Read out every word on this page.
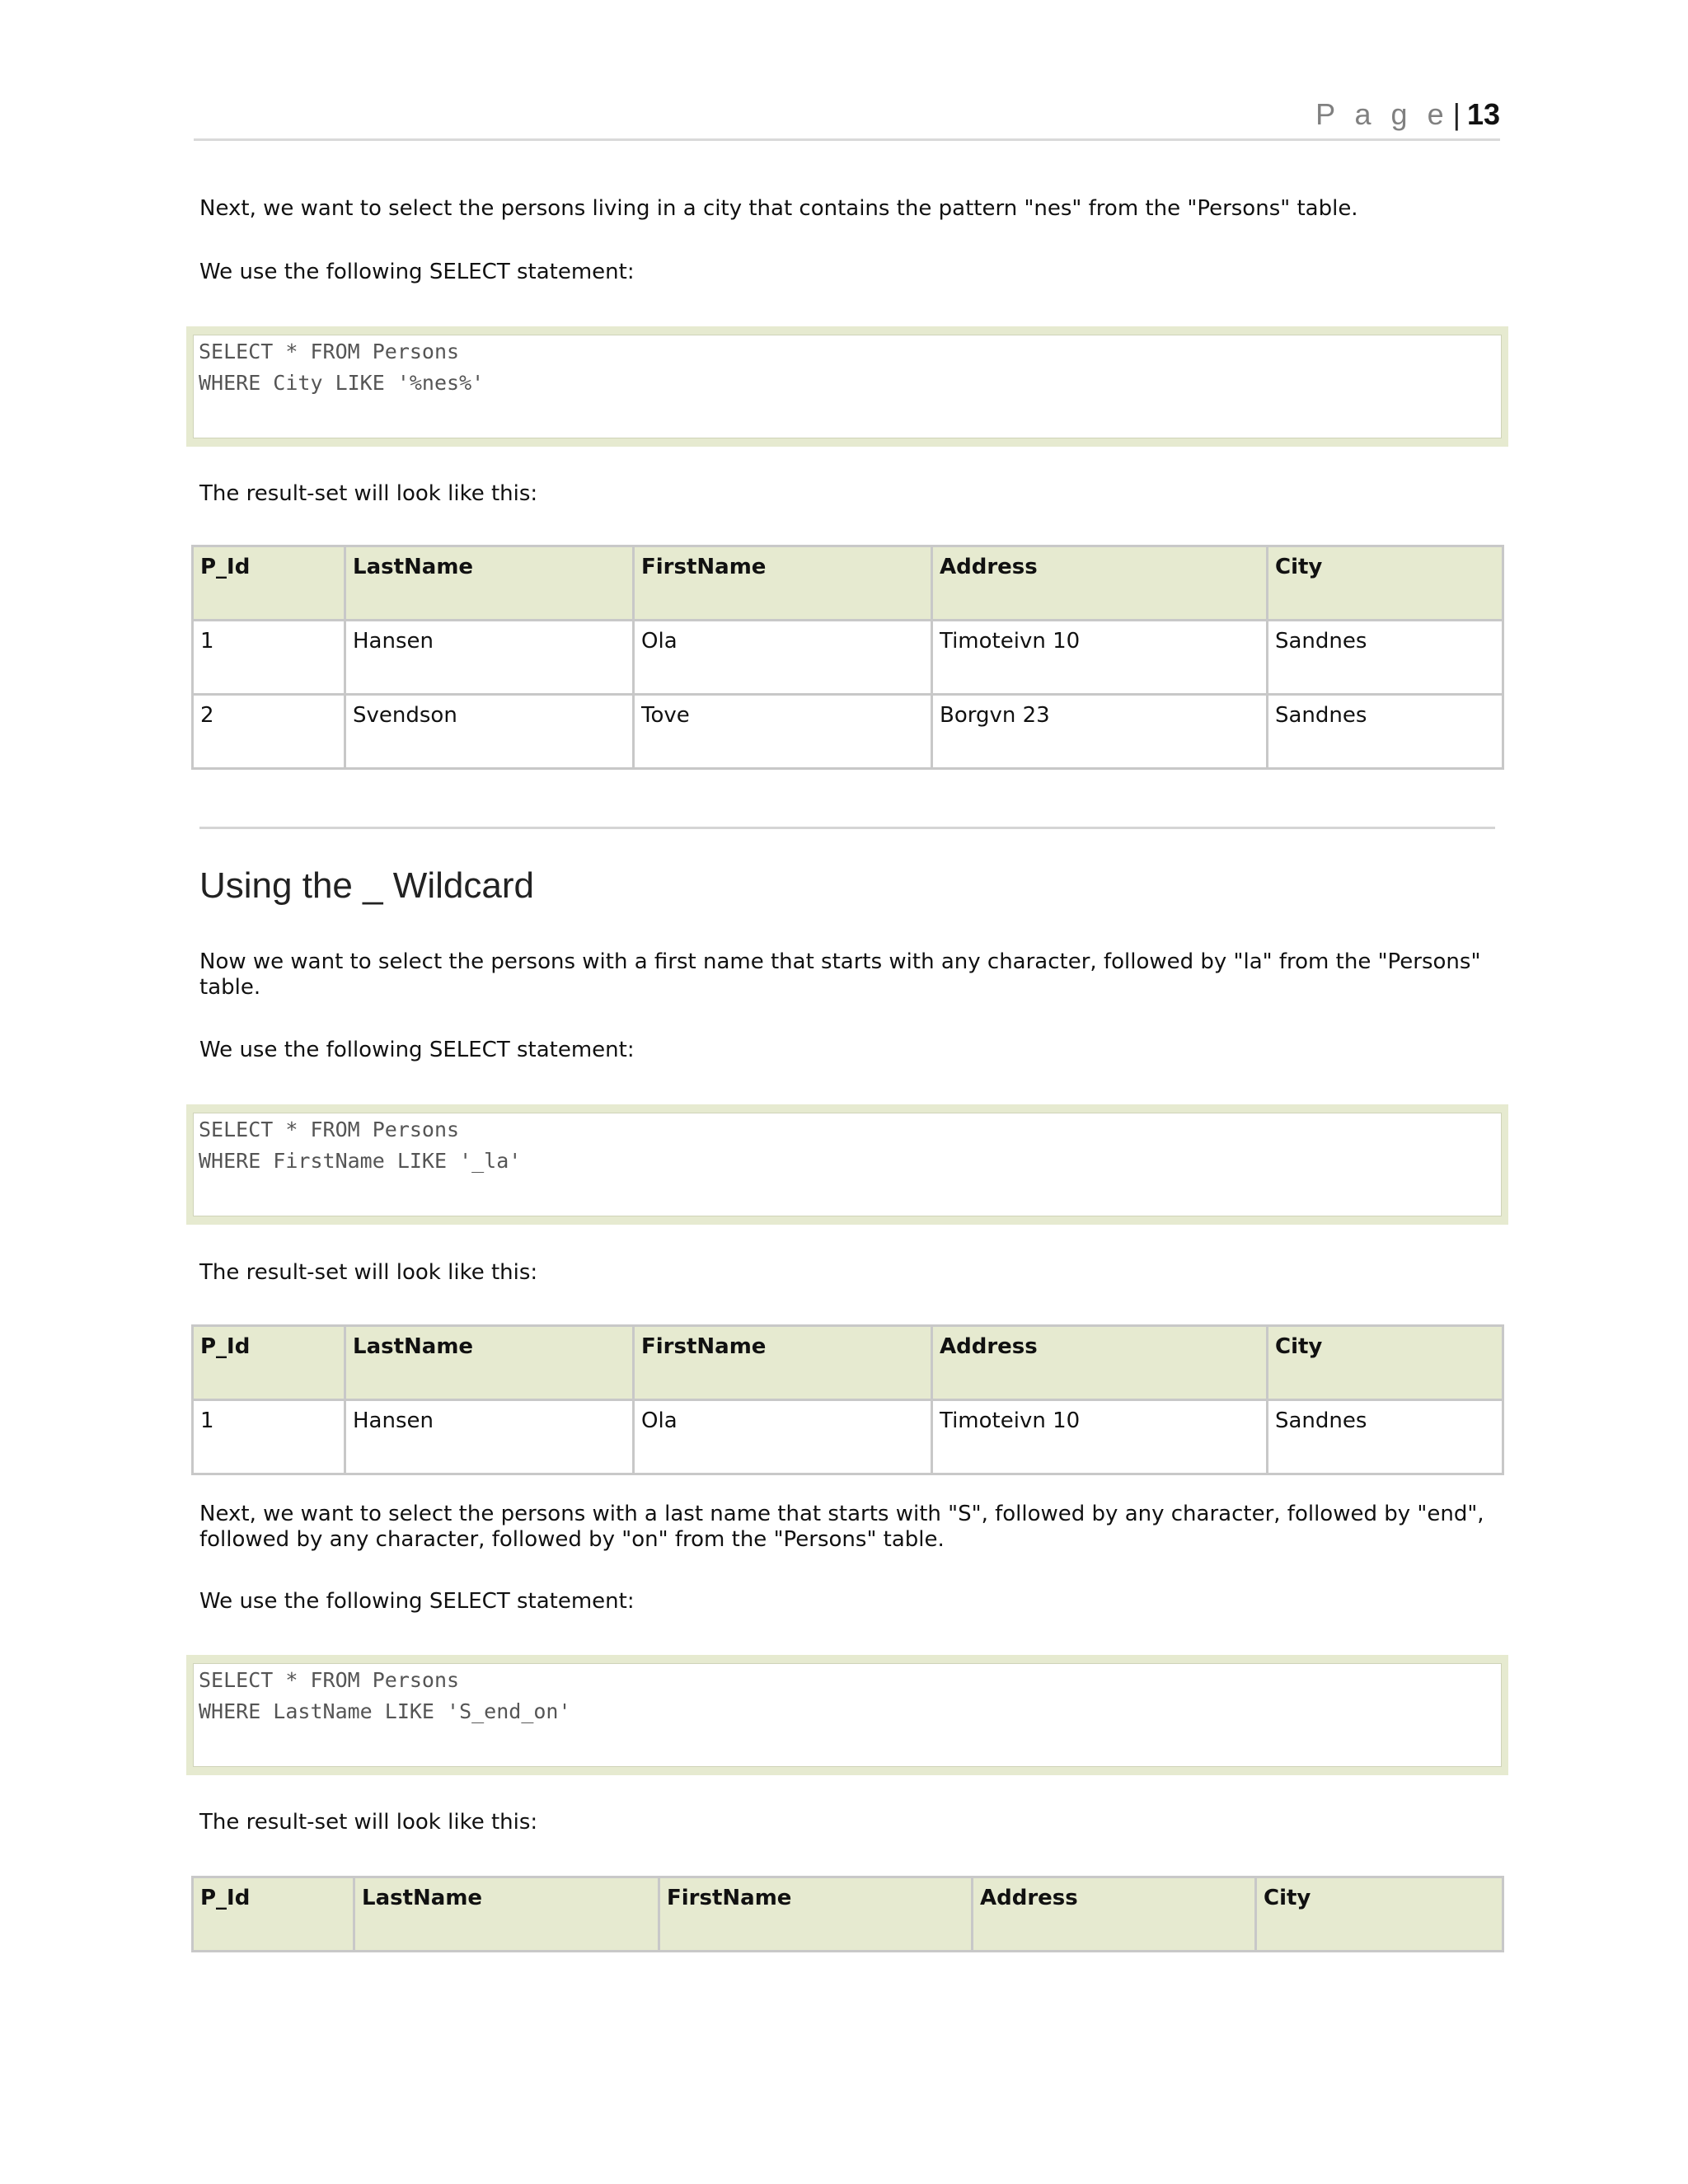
P a g e | 13
Next, we want to select the persons living in a city that contains the pattern "nes" from the "Persons" table.
We use the following SELECT statement:
SELECT * FROM Persons
WHERE City LIKE '%nes%'
The result-set will look like this:
P_Id	LastName	FirstName	Address	City
1	Hansen	Ola	Timoteivn 10	Sandnes
2	Svendson	Tove	Borgvn 23	Sandnes
Using the _ Wildcard
Now we want to select the persons with a first name that starts with any character, followed by "la" from the "Persons"
table.
We use the following SELECT statement:
SELECT * FROM Persons
WHERE FirstName LIKE '_la'
The result-set will look like this:
P_Id	LastName	FirstName	Address	City
1	Hansen	Ola	Timoteivn 10	Sandnes
Next, we want to select the persons with a last name that starts with "S", followed by any character, followed by "end",
followed by any character, followed by "on" from the "Persons" table.
We use the following SELECT statement:
SELECT * FROM Persons
WHERE LastName LIKE 'S_end_on'
The result-set will look like this:
P_Id	LastName	FirstName	Address	City
